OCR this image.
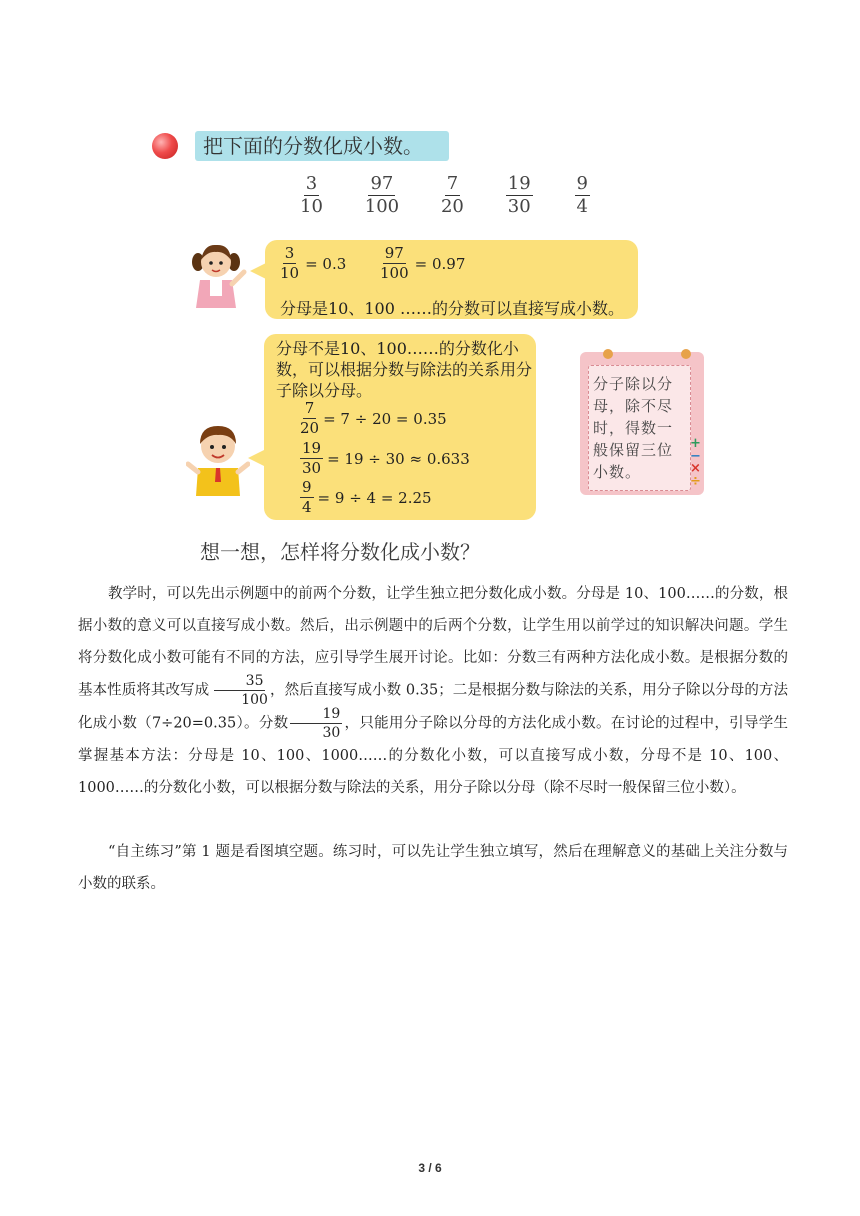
把下面的分数化成小数。
$\frac{3}{10} \frac{97}{100} \frac{7}{20} \frac{19}{30} \frac{9}{4}$
$\frac{3}{10} = 0.3 \frac{97}{100} = 0.97$
分母是10、100 ……的分数可以直接写成小数。
分母不是10、100……的分数化小数，可以根据分数与除法的关系用分子除以分母。
$\frac{7}{20} = 7 \div 20 = 0.35$
$\frac{19}{30} = 19 \div 30 \approx 0.633$
$\frac{9}{4} = 9 \div 4 = 2.25$
分子除以分母，除不尽时，得数一般保留三位小数。
+
−
×
÷
想一想，怎样将分数化成小数？
教学时，可以先出示例题中的前两个分数，让学生独立把分数化成小数。分母是 10、100……的分数，根据小数的意义可以直接写成小数。然后，出示例题中的后两个分数，让学生用以前学过的知识解决问题。学生将分数化成小数可能有不同的方法，应引导学生展开讨论。比如：分数三有两种方法化成小数。是根据分数的基本性质将其改写成 $\frac{35}{100}$ ，然后直接写成小数 0.35；二是根据分数与除法的关系，用分子除以分母的方法化成小数（7÷20=0.35）。分数 $\frac{19}{30}$ ，只能用分子除以分母的方法化成小数。在讨论的过程中，引导学生掌握基本方法：分母是 10、100、1000……的分数化小数，可以直接写成小数，分母不是 10、100、1000……的分数化小数，可以根据分数与除法的关系，用分子除以分母（除不尽时一般保留三位小数）。
“自主练习”第 1 题是看图填空题。练习时，可以先让学生独立填写，然后在理解意义的基础上关注分数与小数的联系。
3 / 6
